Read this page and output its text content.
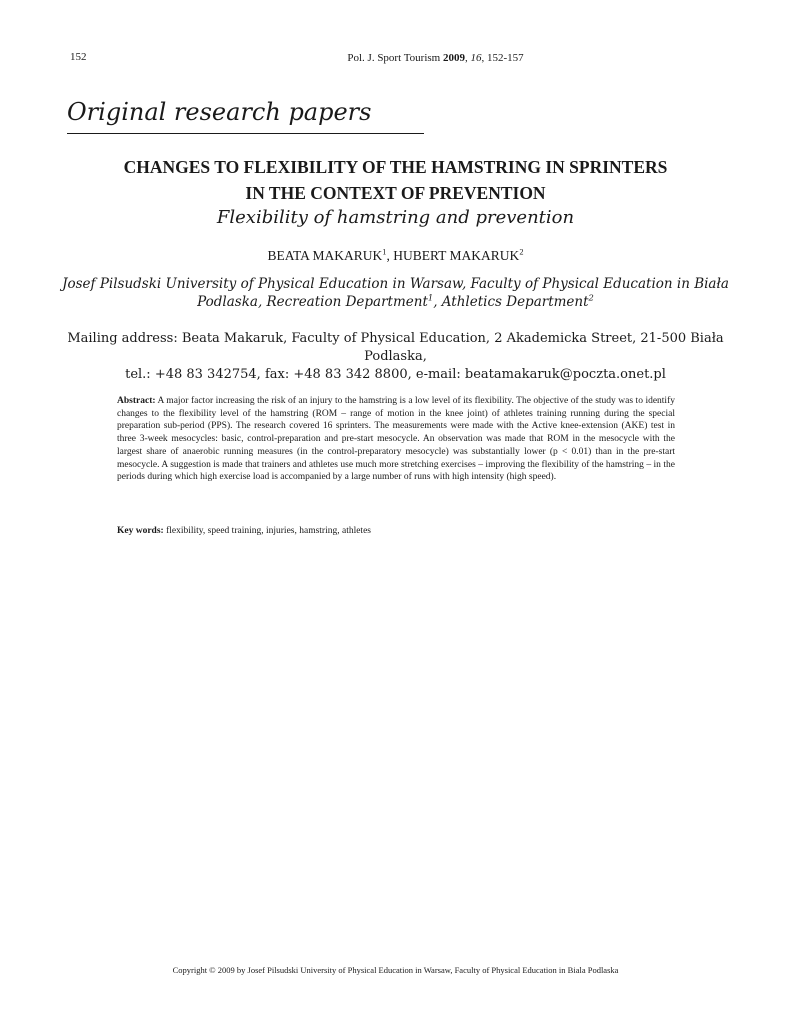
152	Pol. J. Sport Tourism 2009, 16, 152-157
Original research papers
CHANGES TO FLEXIBILITY OF THE HAMSTRING IN SPRINTERS
IN THE CONTEXT OF PREVENTION
Flexibility of hamstring and prevention
BEATA MAKARUK$^1$, HUBERT MAKARUK$^2$
Josef Pilsudski University of Physical Education in Warsaw, Faculty of Physical Education in Biała
Podlaska, Recreation Department$^1$, Athletics Department$^2$
Mailing address: Beata Makaruk, Faculty of Physical Education, 2 Akademicka Street, 21-500 Biała Podlaska,
tel.: +48 83 342754, fax: +48 83 342 8800, e-mail: beatamakaruk@poczta.onet.pl
Abstract: A major factor increasing the risk of an injury to the hamstring is a low level of its flexibility. The objective of the study was to identify changes to the flexibility level of the hamstring (ROM – range of motion in the knee joint) of athletes training running during the special preparation sub-period (PPS). The research covered 16 sprinters. The measurements were made with the Active knee-extension (AKE) test in three 3-week mesocycles: basic, control-preparation and pre-start mesocycle. An observation was made that ROM in the mesocycle with the largest share of anaerobic running measures (in the control-preparatory mesocycle) was substantially lower (p < 0.01) than in the pre-start mesocycle. A suggestion is made that trainers and athletes use much more stretching exercises – improving the flexibility of the hamstring – in the periods during which high exercise load is accompanied by a large number of runs with high intensity (high speed).
Key words: flexibility, speed training, injuries, hamstring, athletes
Copyright © 2009 by Josef Pilsudski University of Physical Education in Warsaw, Faculty of Physical Education in Biala Podlaska
